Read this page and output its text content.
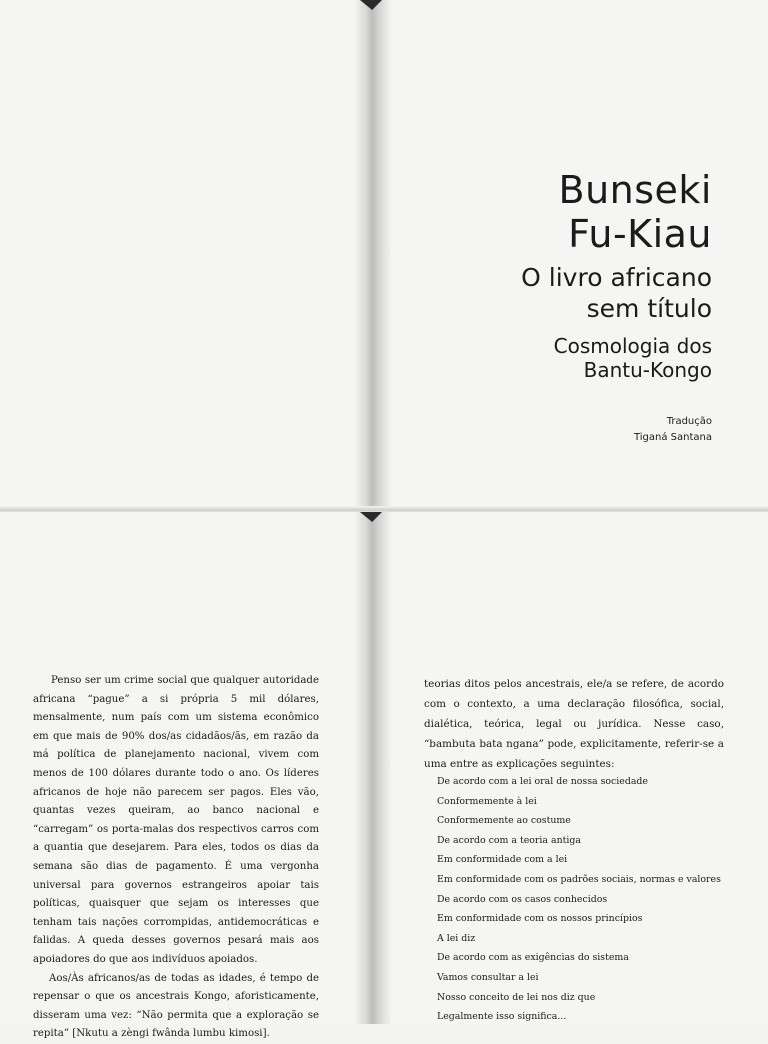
Bunseki
Fu-Kiau
O livro africano
sem título
Cosmologia dos
Bantu-Kongo
Tradução
Tiganá Santana

Penso ser um crime social que qualquer autoridade africana “pague” a si própria 5 mil dólares, mensalmente, num país com um sistema econômico em que mais de 90% dos/as cidadãos/ãs, em razão da má política de planejamento nacional, vivem com menos de 100 dólares durante todo o ano. Os líderes africanos de hoje não parecem ser pagos. Eles vão, quantas vezes queiram, ao banco nacional e “carregam” os porta-malas dos respectivos carros com a quantia que desejarem. Para eles, todos os dias da semana são dias de pagamento. É uma vergonha universal para governos estrangeiros apoiar tais políticas, quaisquer que sejam os interesses que tenham tais nações corrompidas, antidemocráticas e falidas. A queda desses governos pesará mais aos apoiadores do que aos indivíduos apoiados.

Aos/Às africanos/as de todas as idades, é tempo de repensar o que os ancestrais Kongo, aforisticamente, disseram uma vez: “Não permita que a exploração se repita” [Nkutu a zèngi fwânda lumbu kimosi].

teorias ditos pelos ancestrais, ele/a se refere, de acordo com o contexto, a uma declaração filosófica, social, dialética, teórica, legal ou jurídica. Nesse caso, “bambuta bata ngana” pode, explicitamente, referir-se a uma entre as explicações seguintes:

De acordo com a lei oral de nossa sociedade
Conformemente à lei
Conformemente ao costume
De acordo com a teoria antiga
Em conformidade com a lei
Em conformidade com os padrões sociais, normas e valores
De acordo com os casos conhecidos
Em conformidade com os nossos princípios
A lei diz
De acordo com as exigências do sistema
Vamos consultar a lei
Nosso conceito de lei nos diz que
Legalmente isso significa...
